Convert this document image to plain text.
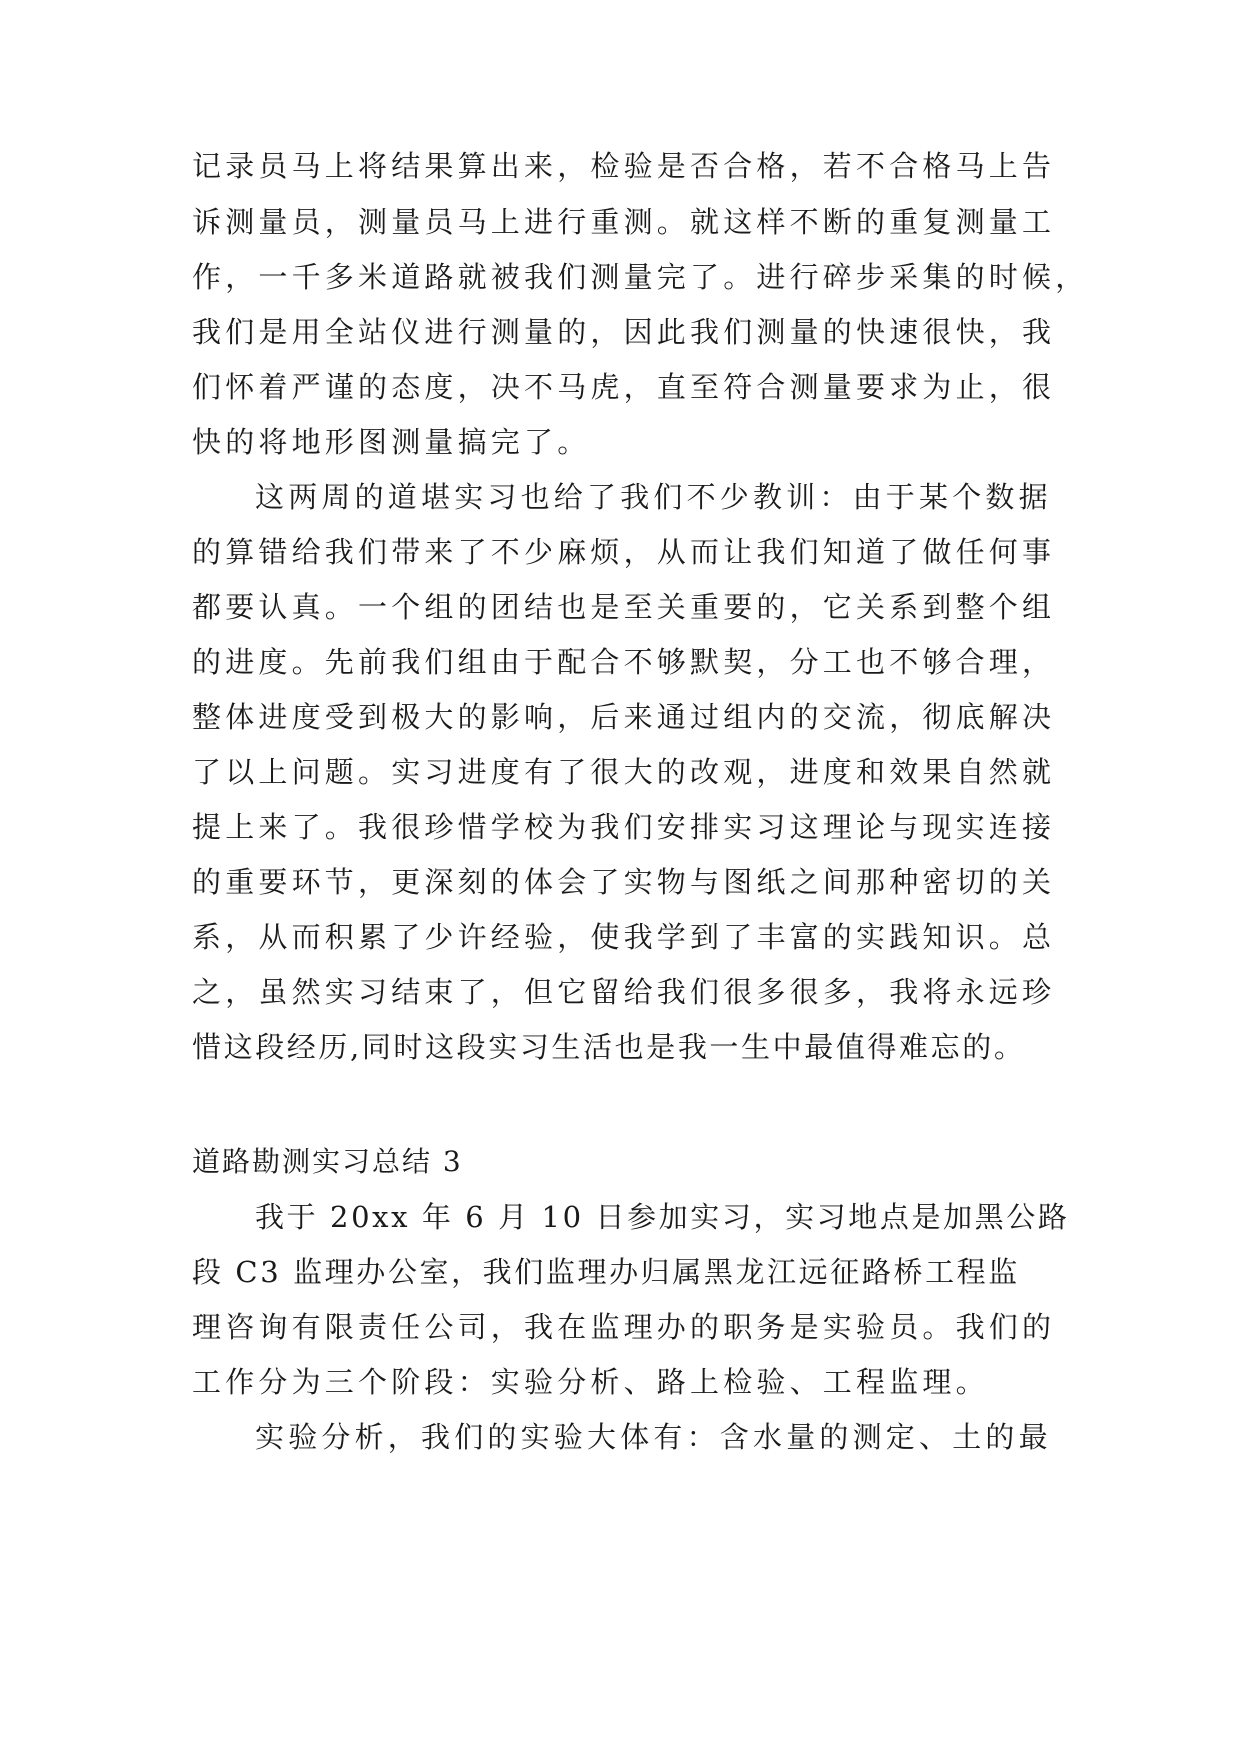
记录员马上将结果算出来，检验是否合格，若不合格马上告
诉测量员，测量员马上进行重测。就这样不断的重复测量工
作，一千多米道路就被我们测量完了。进行碎步采集的时候，
我们是用全站仪进行测量的，因此我们测量的快速很快，我
们怀着严谨的态度，决不马虎，直至符合测量要求为止，很
快的将地形图测量搞完了。
这两周的道堪实习也给了我们不少教训：由于某个数据
的算错给我们带来了不少麻烦，从而让我们知道了做任何事
都要认真。一个组的团结也是至关重要的，它关系到整个组
的进度。先前我们组由于配合不够默契，分工也不够合理，
整体进度受到极大的影响，后来通过组内的交流，彻底解决
了以上问题。实习进度有了很大的改观，进度和效果自然就
提上来了。我很珍惜学校为我们安排实习这理论与现实连接
的重要环节，更深刻的体会了实物与图纸之间那种密切的关
系，从而积累了少许经验，使我学到了丰富的实践知识。总
之，虽然实习结束了，但它留给我们很多很多，我将永远珍
惜这段经历,同时这段实习生活也是我一生中最值得难忘的。
道路勘测实习总结 3
我于 20xx 年 6 月 10 日参加实习，实习地点是加黑公路
段 C3 监理办公室，我们监理办归属黑龙江远征路桥工程监
理咨询有限责任公司，我在监理办的职务是实验员。我们的
工作分为三个阶段：实验分析、路上检验、工程监理。
实验分析，我们的实验大体有：含水量的测定、土的最
